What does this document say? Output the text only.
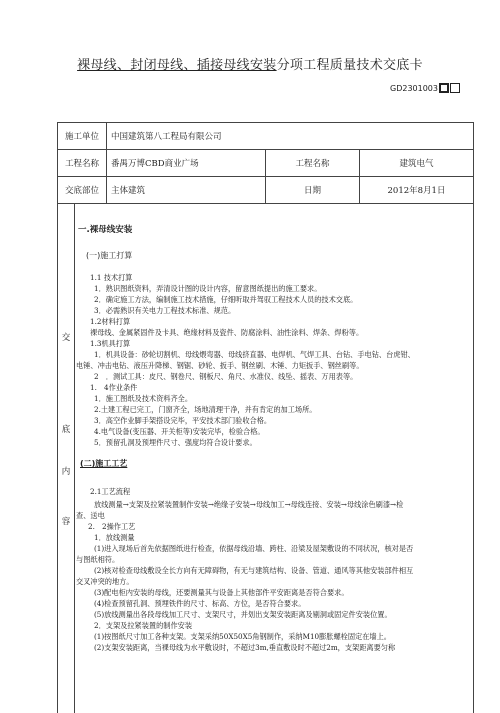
裸母线、封闭母线、插接母线安装分项工程质量技术交底卡
GD2301003
施工单位	中国建筑第八工程局有限公司		
工程名称	番禺万博CBD商业广场	工程名称	建筑电气
交底部位	主体建筑	日期	2012年8月1日
交
底
内
容
一.裸母线安装
(一)施工打算
1.1 技术打算
1．熟识图纸资料，弄清设计图的设计内容，留意图纸提出的施工要求。
2．确定施工方法，编制施工技术措施，仔细听取并驾驭工程技术人员的技术交底。
3．必需熟识有关电力工程技术标准、规范。
1.2材料打算
裸母线、金属紧固件及卡具、绝缘材料及瓷件、防腐涂料、油性涂料、焊条、焊粉等。
1.3机具打算
1．机具设备：砂轮切割机、母线煨弯器、母线挤直器、电焊机、气焊工具、台钻、手电钻、台虎钳、
电锤、冲击电钻、液压升降梯、钢锯、砂轮、扳手、钢丝刷、木锤、力矩扳手、钢丝刷等。
2　．测试工具：皮尺、钢卷尺、钢板尺、角尺、水准仪、线坠、摇表、万用表等。
1.　4作业条件
1．施工图纸及技术资料齐全。
2.土建工程已完工，门窗齐全，场地清理干净，并有肯定的加工场所。
3．高空作业脚手架搭设完毕，平安技术部门验收合格。
4.电气设备(变压器、开关柜等)安装完毕，检验合格。
5．预留孔洞及预埋件尺寸、强度均符合设计要求。
(二)施工工艺
2.1工艺流程
放线测量→支架及拉紧装置制作安装→绝缘子安装→母线加工→母线连接、安装→母线涂色刷漆→检
查、送电
2.　2操作工艺
1．放线测量
(1)进入现场后首先依据图纸进行检查，依据母线沿墙、跨柱、沿梁及屋架敷设的不同状况，核对是否
与图纸相符。
(2)核对检查母线敷设全长方向有无障碍物，有无与建筑结构、设备、管道、通风等其他安装部件相互
交叉冲突的地方。
(3)配电柜内安装的母线，还要测量其与设备上其他部件平安距离是否符合要求。
(4)检查预留孔洞、预埋铁件的尺寸、标高、方位，是否符合要求。
(5)放线测量出各段母线加工尺寸、支架尺寸，并划出支架安装距离及剔洞或固定件安装位置。
2．支架及拉紧装置的制作安装
(1)按图纸尺寸加工各种支架。支架采纳50X50X5角钢制作，采纳M10膨胀螺栓固定在墙上。
(2)支架安装距离，当裸母线为水平敷设时，不超过3m,垂直敷设时不超过2m，支架距离要匀称
